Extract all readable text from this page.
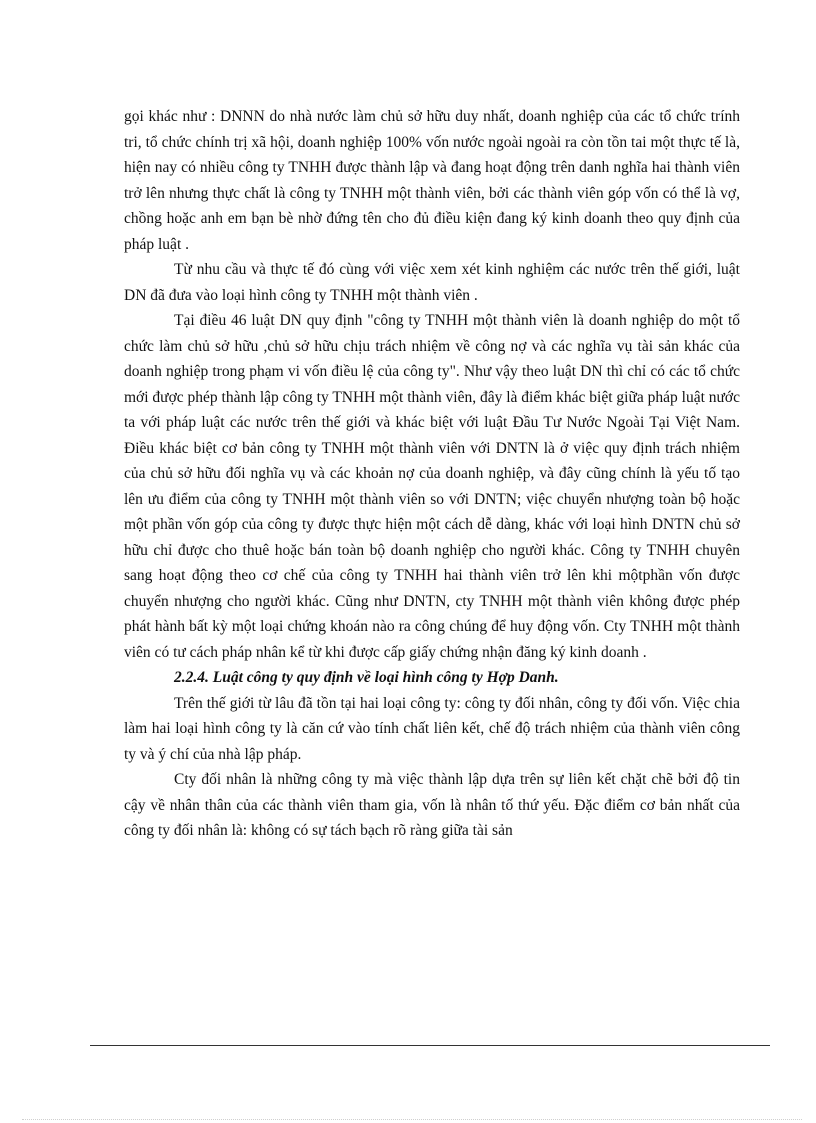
gọi khác như : DNNN do nhà nước làm chủ sở hữu duy nhất, doanh nghiệp của các tổ chức trính tri, tổ chức chính trị xã hội, doanh nghiệp 100% vốn nước ngoài ngoài ra còn tồn tai một thực tế là, hiện nay có nhiều công ty TNHH được thành lập và đang hoạt động trên danh nghĩa hai thành viên trở lên nhưng thực chất là công ty TNHH một thành viên, bởi các thành viên góp vốn có thể là vợ, chồng hoặc anh em bạn bè nhờ đứng tên cho đủ điều kiện đang ký kinh doanh theo quy định của pháp luật .

Từ nhu cầu và thực tế đó cùng với việc xem xét kinh nghiệm các nước trên thế giới, luật DN đã đưa vào loại hình công ty TNHH một thành viên .

Tại điều 46 luật DN quy định "công ty TNHH một thành viên là doanh nghiệp do một tổ chức làm chủ sở hữu ,chủ sở hữu chịu trách nhiệm về công nợ và các nghĩa vụ tài sản khác của doanh nghiệp trong phạm vi vốn điều lệ của công ty". Như vậy theo luật DN thì chỉ có các tổ chức mới được phép thành lập công ty TNHH một thành viên, đây là điểm khác biệt giữa pháp luật nước ta với pháp luật các nước trên thế giới và khác biệt với luật Đầu Tư Nước Ngoài Tại Việt Nam. Điều khác biệt cơ bản công ty TNHH một thành viên với DNTN là ở việc quy định trách nhiệm của chủ sở hữu đối nghĩa vụ và các khoản nợ của doanh nghiệp, và đây cũng chính là yếu tố tạo lên ưu điểm của công ty TNHH một thành viên so với DNTN; việc chuyển nhượng toàn bộ hoặc một phần vốn góp của công ty được thực hiện một cách dễ dàng, khác với loại hình DNTN chủ sở hữu chỉ được cho thuê hoặc bán toàn bộ doanh nghiệp cho người khác. Công ty TNHH chuyên sang hoạt động theo cơ chế của công ty TNHH hai thành viên trở lên khi mộtphần vốn được chuyển nhượng cho người khác. Cũng như DNTN, cty TNHH một thành viên không được phép phát hành bất kỳ một loại chứng khoán nào ra công chúng để huy động vốn. Cty TNHH một thành viên có tư cách pháp nhân kể từ khi được cấp giấy chứng nhận đăng ký kinh doanh .

2.2.4. Luật công ty quy định về loại hình công ty Hợp Danh.

Trên thế giới từ lâu đã tồn tại hai loại công ty: công ty đối nhân, công ty đối vốn. Việc chia làm hai loại hình công ty là căn cứ vào tính chất liên kết, chế độ trách nhiệm của thành viên công ty và ý chí của nhà lập pháp.

Cty đối nhân là những công ty mà việc thành lập dựa trên sự liên kết chặt chẽ bởi độ tin cậy về nhân thân của các thành viên tham gia, vốn là nhân tố thứ yếu. Đặc điểm cơ bản nhất của công ty đối nhân là: không có sự tách bạch rõ ràng giữa tài sản
